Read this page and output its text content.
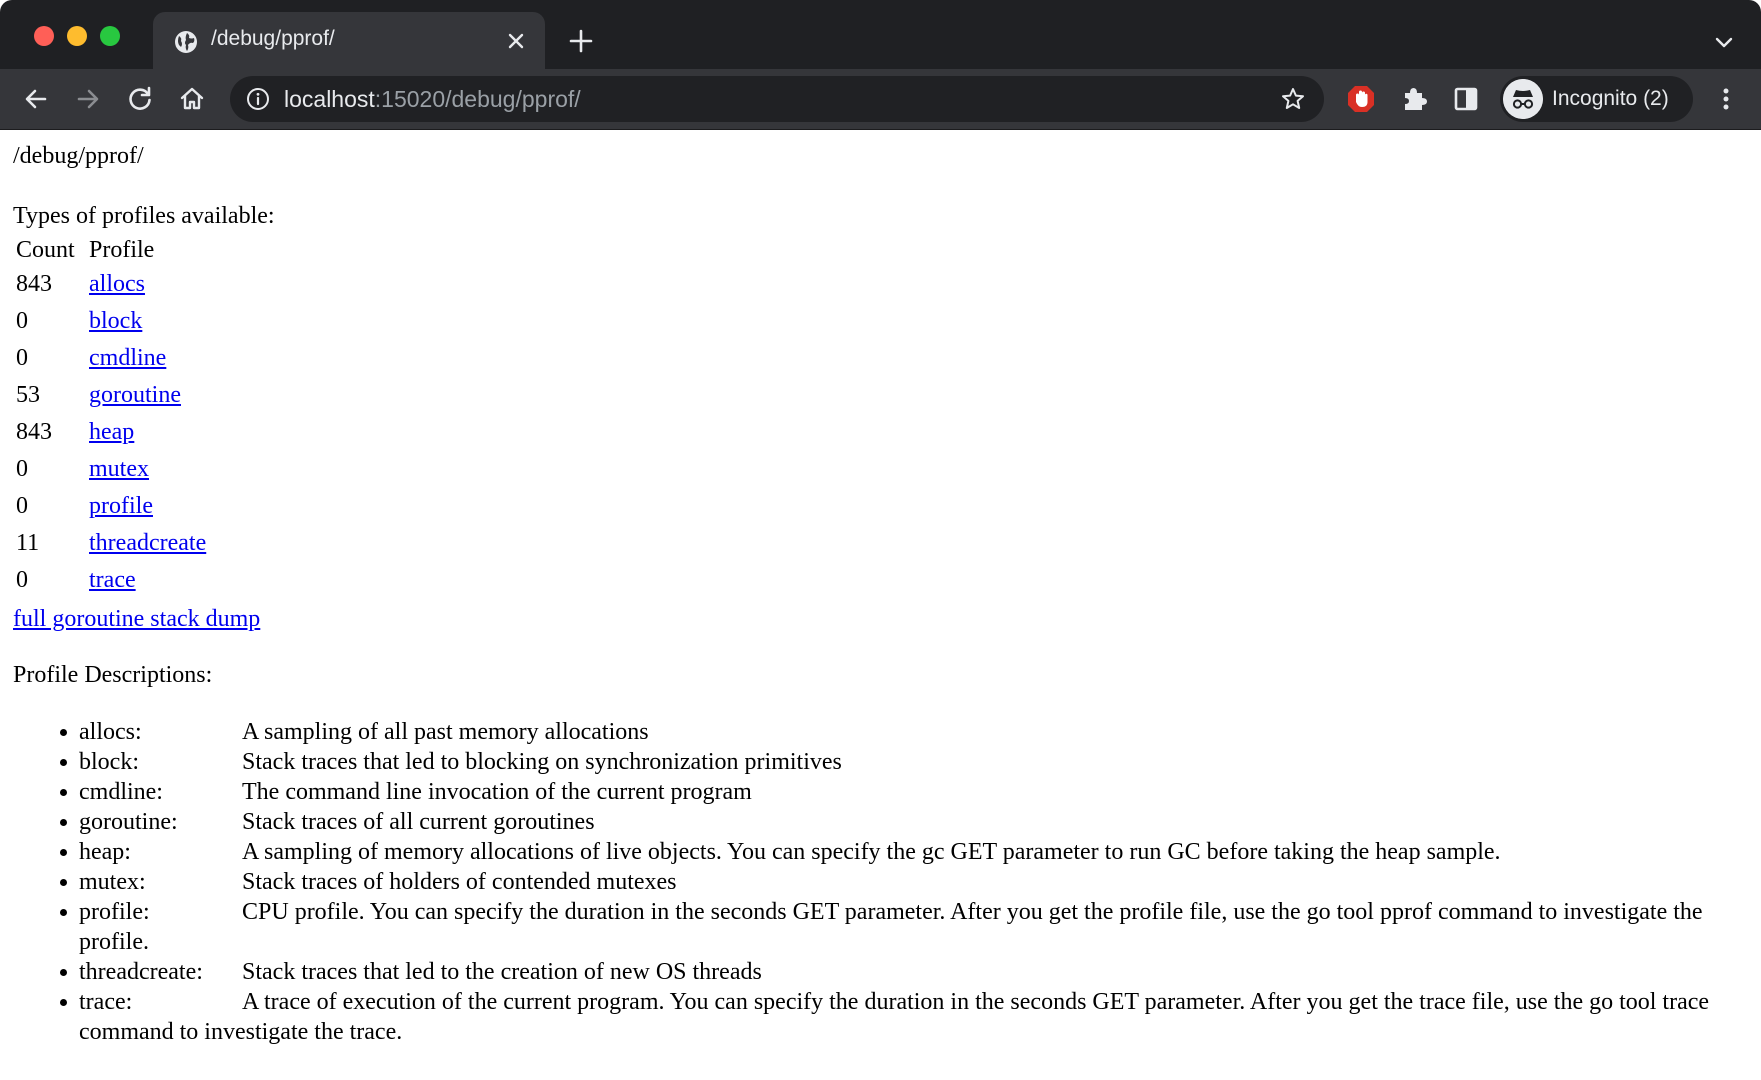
/debug/pprof/
localhost:15020/debug/pprof/	Incognito (2)
/debug/pprof/
Types of profiles available:
Count	Profile
843	allocs
0	block
0	cmdline
53	goroutine
843	heap
0	mutex
0	profile
11	threadcreate
0	trace
full goroutine stack dump
Profile Descriptions:
allocs:	A sampling of all past memory allocations
block:	Stack traces that led to blocking on synchronization primitives
cmdline:	The command line invocation of the current program
goroutine:	Stack traces of all current goroutines
heap:	A sampling of memory allocations of live objects. You can specify the gc GET parameter to run GC before taking the heap sample.
mutex:	Stack traces of holders of contended mutexes
profile:	CPU profile. You can specify the duration in the seconds GET parameter. After you get the profile file, use the go tool pprof command to investigate the profile.
threadcreate: Stack traces that led to the creation of new OS threads
trace:	A trace of execution of the current program. You can specify the duration in the seconds GET parameter. After you get the trace file, use the go tool trace command to investigate the trace.
